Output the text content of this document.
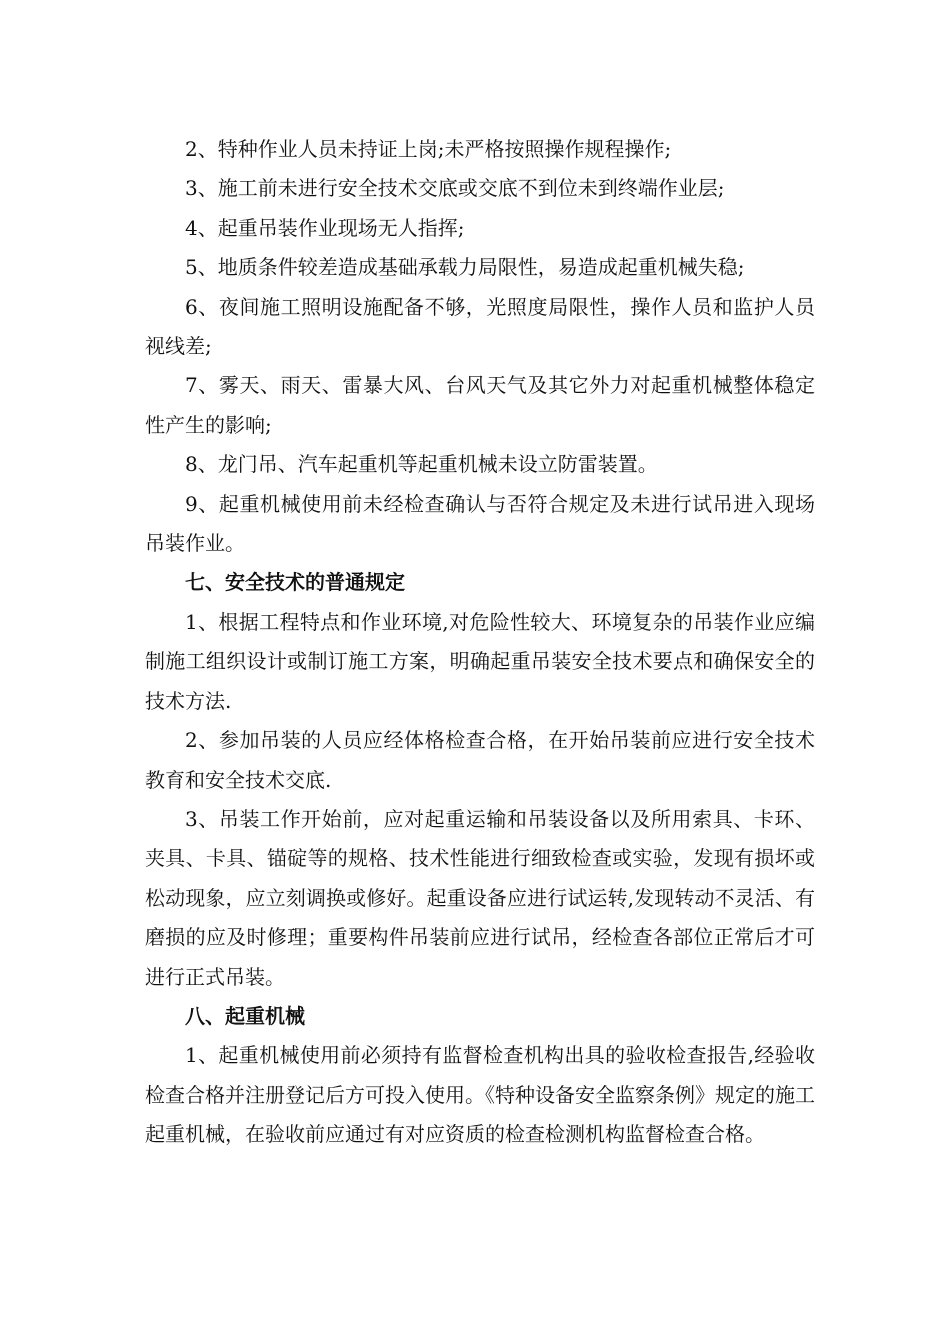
2、特种作业人员未持证上岗;未严格按照操作规程操作;

3、施工前未进行安全技术交底或交底不到位未到终端作业层;

4、起重吊装作业现场无人指挥;

5、地质条件较差造成基础承载力局限性，易造成起重机械失稳;

6、夜间施工照明设施配备不够，光照度局限性，操作人员和监护人员视线差;

7、雾天、雨天、雷暴大风、台风天气及其它外力对起重机械整体稳定性产生的影响;

8、龙门吊、汽车起重机等起重机械未设立防雷装置。

9、起重机械使用前未经检查确认与否符合规定及未进行试吊进入现场吊装作业。

七、安全技术的普通规定

1、根据工程特点和作业环境,对危险性较大、环境复杂的吊装作业应编制施工组织设计或制订施工方案，明确起重吊装安全技术要点和确保安全的技术方法.

2、参加吊装的人员应经体格检查合格，在开始吊装前应进行安全技术教育和安全技术交底.

3、吊装工作开始前，应对起重运输和吊装设备以及所用索具、卡环、夹具、卡具、锚碇等的规格、技术性能进行细致检查或实验，发现有损坏或松动现象，应立刻调换或修好。起重设备应进行试运转,发现转动不灵活、有磨损的应及时修理；重要构件吊装前应进行试吊，经检查各部位正常后才可进行正式吊装。

八、起重机械

1、起重机械使用前必须持有监督检查机构出具的验收检查报告,经验收检查合格并注册登记后方可投入使用。《特种设备安全监察条例》规定的施工起重机械，在验收前应通过有对应资质的检查检测机构监督检查合格。
